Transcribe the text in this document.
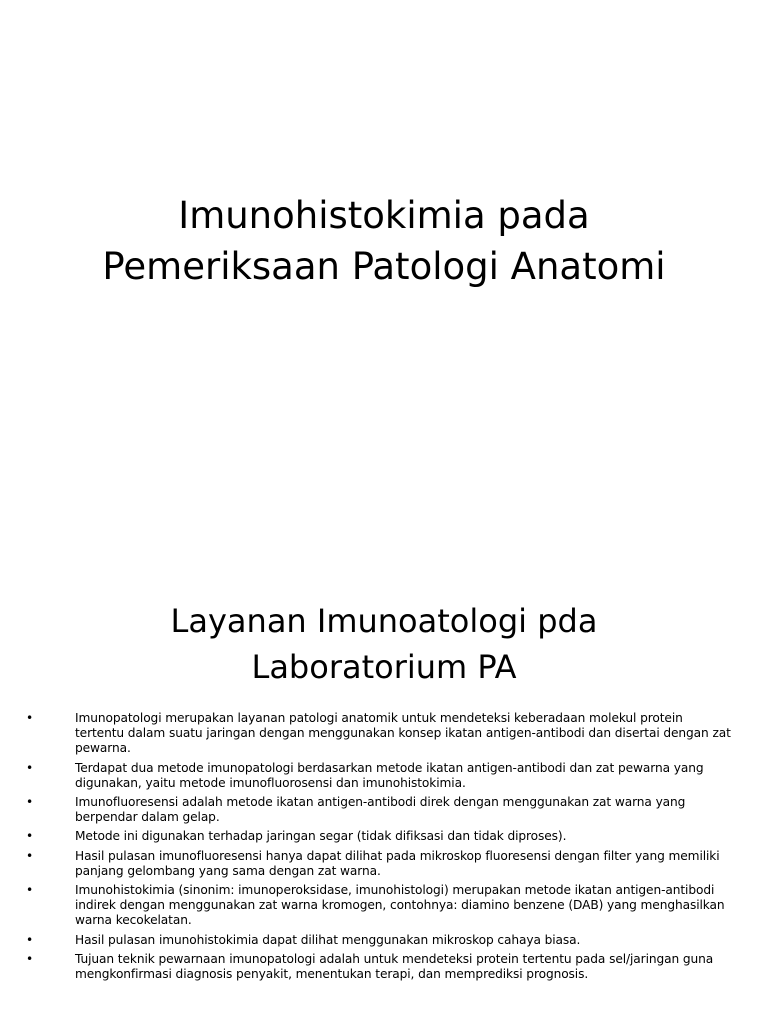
Imunohistokimia pada
Pemeriksaan Patologi Anatomi
Layanan Imunoatologi pda
Laboratorium PA
•	Imunopatologi merupakan layanan patologi anatomik untuk mendeteksi keberadaan molekul protein tertentu dalam suatu jaringan dengan menggunakan konsep ikatan antigen-antibodi dan disertai dengan zat pewarna.
•	Terdapat dua metode imunopatologi berdasarkan metode ikatan antigen-antibodi dan zat pewarna yang digunakan, yaitu metode imunofluorosensi dan imunohistokimia.
•	Imunofluoresensi adalah metode ikatan antigen-antibodi direk dengan menggunakan zat warna yang berpendar dalam gelap.
•	Metode ini digunakan terhadap jaringan segar (tidak difiksasi dan tidak diproses).
•	Hasil pulasan imunofluoresensi hanya dapat dilihat pada mikroskop fluoresensi dengan filter yang memiliki panjang gelombang yang sama dengan zat warna.
•	Imunohistokimia (sinonim: imunoperoksidase, imunohistologi) merupakan metode ikatan antigen-antibodi indirek dengan menggunakan zat warna kromogen, contohnya: diamino benzene (DAB) yang menghasilkan warna kecokelatan.
•	Hasil pulasan imunohistokimia dapat dilihat menggunakan mikroskop cahaya biasa.
•	Tujuan teknik pewarnaan imunopatologi adalah untuk mendeteksi protein tertentu pada sel/jaringan guna mengkonfirmasi diagnosis penyakit, menentukan terapi, dan memprediksi prognosis.
